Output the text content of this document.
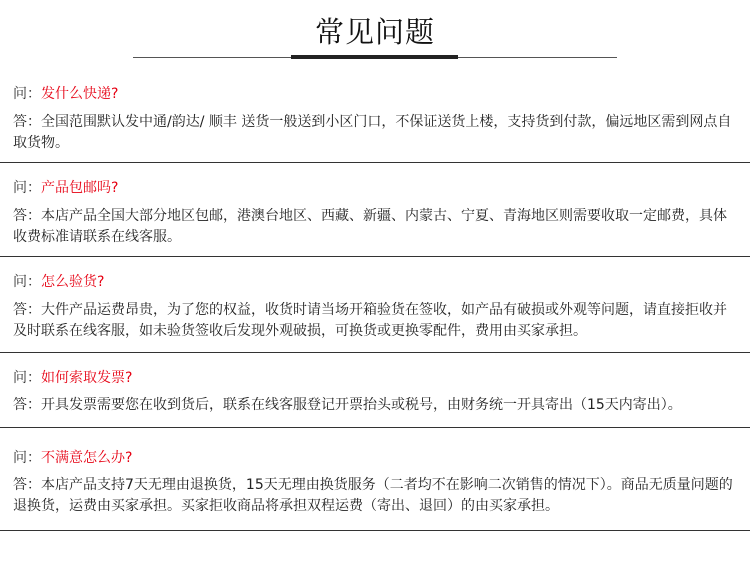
常见问题
问：发什么快递?
答：全国范围默认发中通/韵达/ 顺丰 送货一般送到小区门口，不保证送货上楼，支持货到付款，偏远地区需到网点自取货物。
问：产品包邮吗?
答：本店产品全国大部分地区包邮，港澳台地区、西藏、新疆、内蒙古、宁夏、青海地区则需要收取一定邮费，具体收费标准请联系在线客服。
问：怎么验货?
答：大件产品运费昂贵，为了您的权益，收货时请当场开箱验货在签收，如产品有破损或外观等问题，请直接拒收并及时联系在线客服，如未验货签收后发现外观破损，可换货或更换零配件，费用由买家承担。
问：如何索取发票?
答：开具发票需要您在收到货后，联系在线客服登记开票抬头或税号，由财务统一开具寄出（15天内寄出）。
问：不满意怎么办?
答：本店产品支持7天无理由退换货，15天无理由换货服务（二者均不在影响二次销售的情况下）。商品无质量问题的退换货，运费由买家承担。买家拒收商品将承担双程运费（寄出、退回）的由买家承担。
